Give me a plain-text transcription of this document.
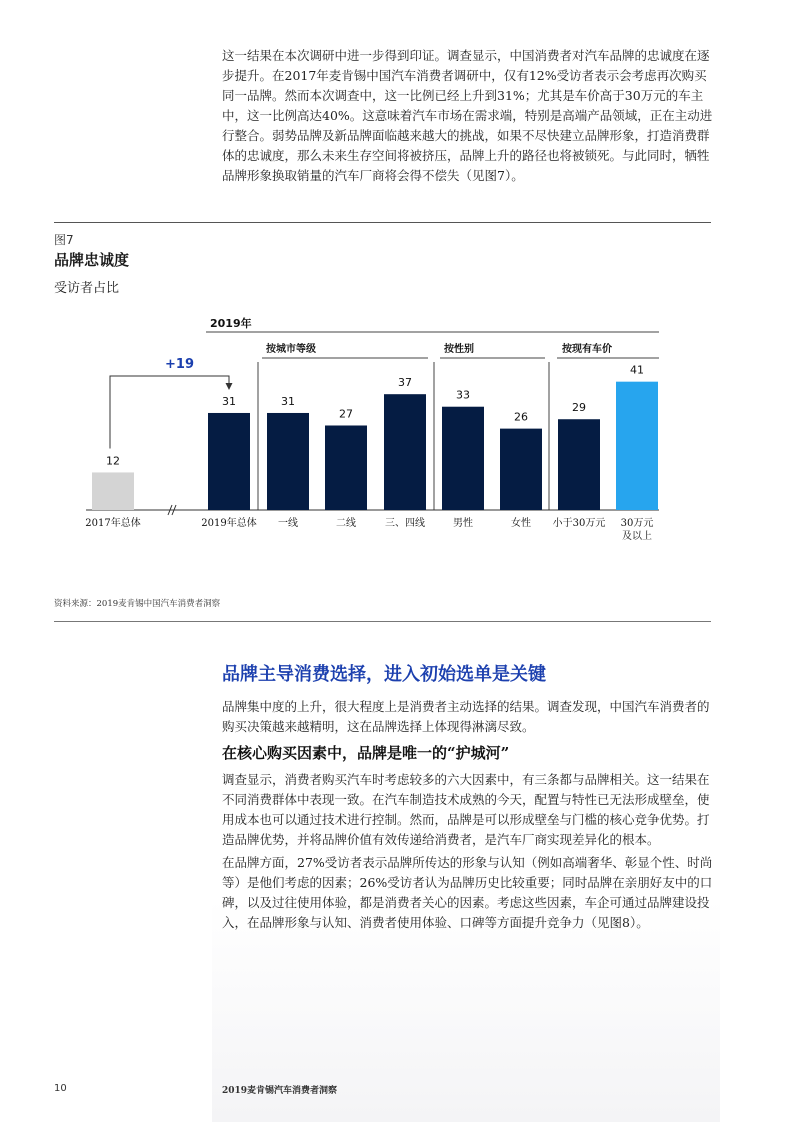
这一结果在本次调研中进一步得到印证。调查显示，中国消费者对汽车品牌的忠诚度在逐步提升。在2017年麦肯锡中国汽车消费者调研中，仅有12%受访者表示会考虑再次购买同一品牌。然而本次调查中，这一比例已经上升到31%；尤其是车价高于30万元的车主中，这一比例高达40%。这意味着汽车市场在需求端，特别是高端产品领域，正在主动进行整合。弱势品牌及新品牌面临越来越大的挑战，如果不尽快建立品牌形象，打造消费群体的忠诚度，那么未来生存空间将被挤压，品牌上升的路径也将被锁死。与此同时，牺牲品牌形象换取销量的汽车厂商将会得不偿失（见图7）。

图7
品牌忠诚度
受访者占比
2019年
按城市等级	按性别	按现有车价
12
2017年总体
31
2019年总体
31
一线
27
二线
37
三、四线
33
男性
26
女性
29
小于30万元
41
30万元
及以上
+19
资料来源：2019麦肯锡中国汽车消费者洞察
品牌主导消费选择，进入初始选单是关键

品牌集中度的上升，很大程度上是消费者主动选择的结果。调查发现，中国汽车消费者的购买决策越来越精明，这在品牌选择上体现得淋漓尽致。

在核心购买因素中，品牌是唯一的“护城河”

调查显示，消费者购买汽车时考虑较多的六大因素中，有三条都与品牌相关。这一结果在不同消费群体中表现一致。在汽车制造技术成熟的今天，配置与特性已无法形成壁垒，使用成本也可以通过技术进行控制。然而，品牌是可以形成壁垒与门槛的核心竞争优势。打造品牌优势，并将品牌价值有效传递给消费者，是汽车厂商实现差异化的根本。

在品牌方面，27%受访者表示品牌所传达的形象与认知（例如高端奢华、彰显个性、时尚等）是他们考虑的因素；26%受访者认为品牌历史比较重要；同时品牌在亲朋好友中的口碑，以及过往使用体验，都是消费者关心的因素。考虑这些因素，车企可通过品牌建设投入，在品牌形象与认知、消费者使用体验、口碑等方面提升竞争力（见图8）。

10	2019麦肯锡汽车消费者洞察
